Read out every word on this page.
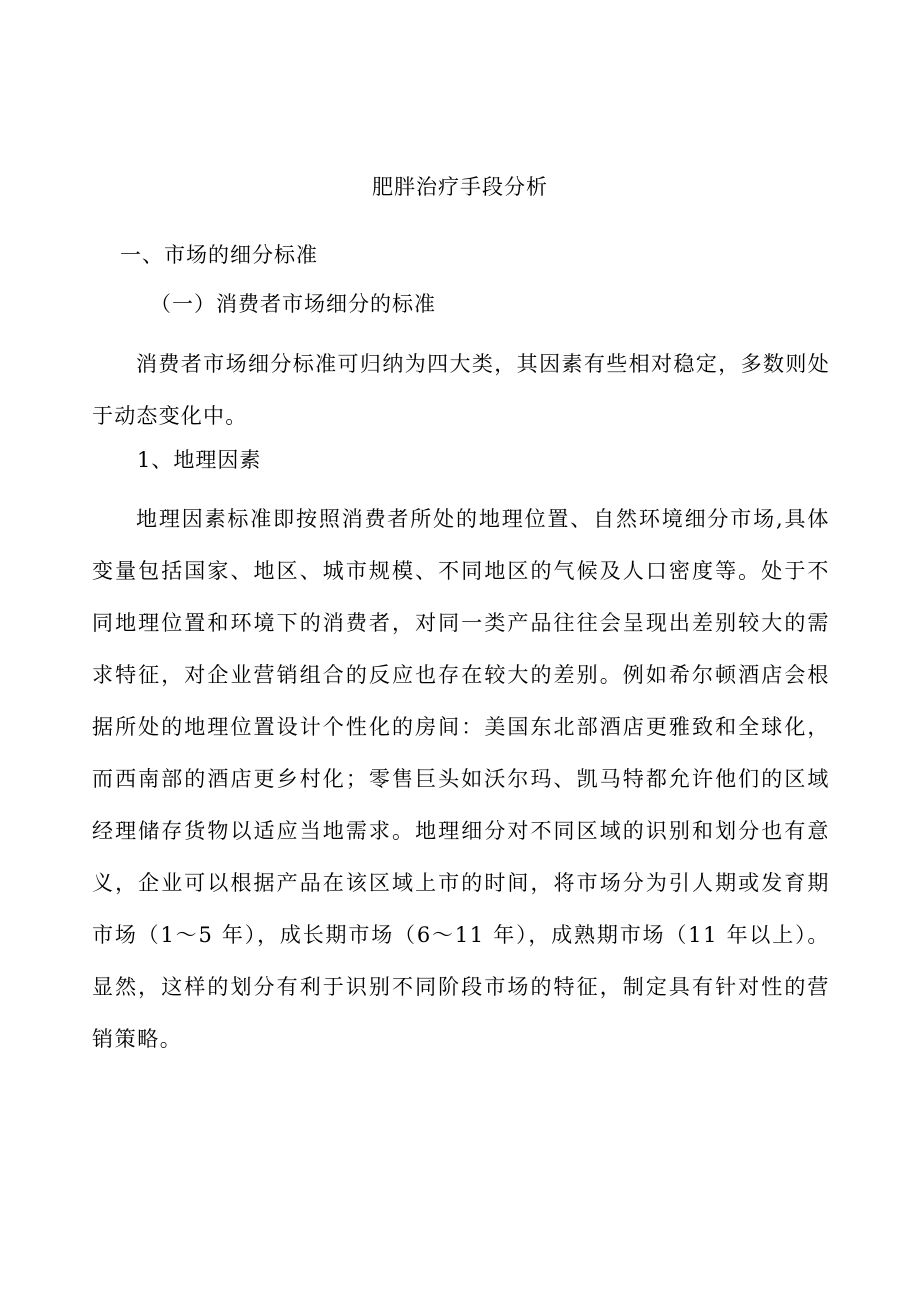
肥胖治疗手段分析
一、市场的细分标准
（一）消费者市场细分的标准
消费者市场细分标准可归纳为四大类，其因素有些相对稳定，多数则处于动态变化中。
1、地理因素
地理因素标准即按照消费者所处的地理位置、自然环境细分市场,具体变量包括国家、地区、城市规模、不同地区的气候及人口密度等。处于不同地理位置和环境下的消费者，对同一类产品往往会呈现出差别较大的需求特征，对企业营销组合的反应也存在较大的差别。例如希尔顿酒店会根据所处的地理位置设计个性化的房间：美国东北部酒店更雅致和全球化，而西南部的酒店更乡村化；零售巨头如沃尔玛、凯马特都允许他们的区域经理储存货物以适应当地需求。地理细分对不同区域的识别和划分也有意义，企业可以根据产品在该区域上市的时间，将市场分为引人期或发育期市场（1～5 年），成长期市场（6～11 年），成熟期市场（11 年以上）。显然，这样的划分有利于识别不同阶段市场的特征，制定具有针对性的营销策略。
